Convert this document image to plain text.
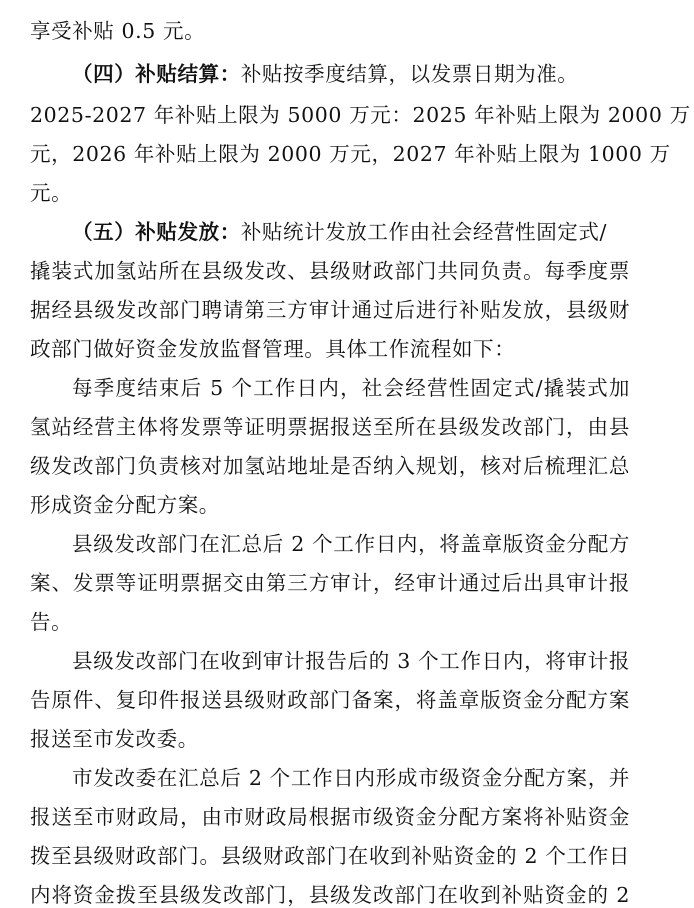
享受补贴 0.5 元。
（四）补贴结算：补贴按季度结算，以发票日期为准。
2025-2027 年补贴上限为 5000 万元：2025 年补贴上限为 2000 万
元，2026 年补贴上限为 2000 万元，2027 年补贴上限为 1000 万
元。
（五）补贴发放：补贴统计发放工作由社会经营性固定式/
撬装式加氢站所在县级发改、县级财政部门共同负责。每季度票
据经县级发改部门聘请第三方审计通过后进行补贴发放，县级财
政部门做好资金发放监督管理。具体工作流程如下：
每季度结束后 5 个工作日内，社会经营性固定式/撬装式加
氢站经营主体将发票等证明票据报送至所在县级发改部门，由县
级发改部门负责核对加氢站地址是否纳入规划，核对后梳理汇总
形成资金分配方案。
县级发改部门在汇总后 2 个工作日内，将盖章版资金分配方
案、发票等证明票据交由第三方审计，经审计通过后出具审计报
告。
县级发改部门在收到审计报告后的 3 个工作日内，将审计报
告原件、复印件报送县级财政部门备案，将盖章版资金分配方案
报送至市发改委。
市发改委在汇总后 2 个工作日内形成市级资金分配方案，并
报送至市财政局，由市财政局根据市级资金分配方案将补贴资金
拨至县级财政部门。县级财政部门在收到补贴资金的 2 个工作日
内将资金拨至县级发改部门，县级发改部门在收到补贴资金的 2
